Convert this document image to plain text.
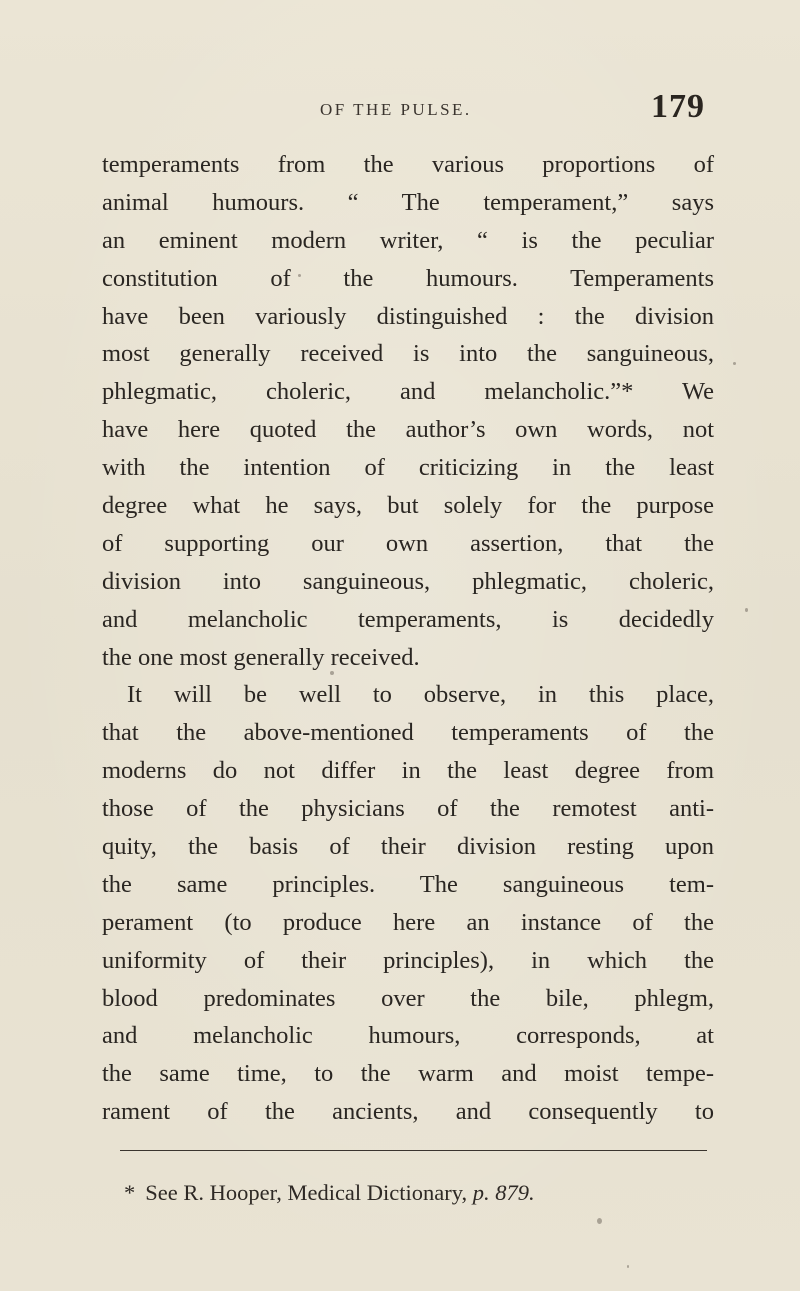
OF THE PULSE.	179
temperaments from the various proportions of
animal humours. “ The temperament,” says
an eminent modern writer, “ is the peculiar
constitution of the humours. Temperaments
have been variously distinguished : the division
most generally received is into the sanguineous,
phlegmatic, choleric, and melancholic.”* We
have here quoted the author’s own words, not
with the intention of criticizing in the least
degree what he says, but solely for the purpose
of supporting our own assertion, that the
division into sanguineous, phlegmatic, choleric,
and melancholic temperaments, is decidedly
the one most generally received.
It will be well to observe, in this place,
that the above-mentioned temperaments of the
moderns do not differ in the least degree from
those of the physicians of the remotest anti-
quity, the basis of their division resting upon
the same principles. The sanguineous tem-
perament (to produce here an instance of the
uniformity of their principles), in which the
blood predominates over the bile, phlegm,
and melancholic humours, corresponds, at
the same time, to the warm and moist tempe-
rament of the ancients, and consequently to
* See R. Hooper, Medical Dictionary, p. 879.
